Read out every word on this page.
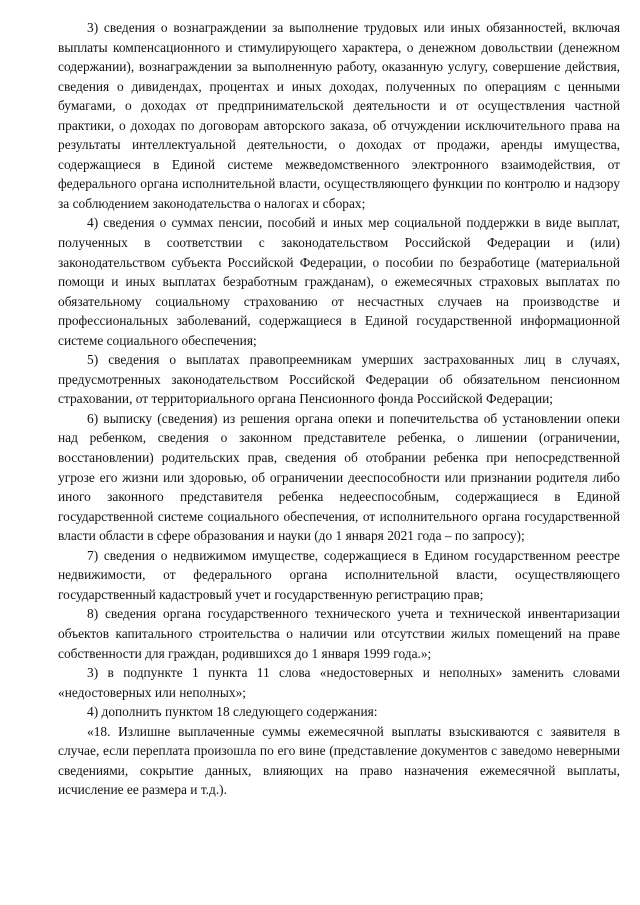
3) сведения о вознаграждении за выполнение трудовых или иных обязанностей, включая выплаты компенсационного и стимулирующего характера, о денежном довольствии (денежном содержании), вознаграждении за выполненную работу, оказанную услугу, совершение действия, сведения о дивидендах, процентах и иных доходах, полученных по операциям с ценными бумагами, о доходах от предпринимательской деятельности и от осуществления частной практики, о доходах по договорам авторского заказа, об отчуждении исключительного права на результаты интеллектуальной деятельности, о доходах от продажи, аренды имущества, содержащиеся в Единой системе межведомственного электронного взаимодействия, от федерального органа исполнительной власти, осуществляющего функции по контролю и надзору за соблюдением законодательства о налогах и сборах;

4) сведения о суммах пенсии, пособий и иных мер социальной поддержки в виде выплат, полученных в соответствии с законодательством Российской Федерации и (или) законодательством субъекта Российской Федерации, о пособии по безработице (материальной помощи и иных выплатах безработным гражданам), о ежемесячных страховых выплатах по обязательному социальному страхованию от несчастных случаев на производстве и профессиональных заболеваний, содержащиеся в Единой государственной информационной системе социального обеспечения;

5) сведения о выплатах правопреемникам умерших застрахованных лиц в случаях, предусмотренных законодательством Российской Федерации об обязательном пенсионном страховании, от территориального органа Пенсионного фонда Российской Федерации;

6) выписку (сведения) из решения органа опеки и попечительства об установлении опеки над ребенком, сведения о законном представителе ребенка, о лишении (ограничении, восстановлении) родительских прав, сведения об отобрании ребенка при непосредственной угрозе его жизни или здоровью, об ограничении дееспособности или признании родителя либо иного законного представителя ребенка недееспособным, содержащиеся в Единой государственной системе социального обеспечения, от исполнительного органа государственной власти области в сфере образования и науки (до 1 января 2021 года – по запросу);

7) сведения о недвижимом имуществе, содержащиеся в Едином государственном реестре недвижимости, от федерального органа исполнительной власти, осуществляющего государственный кадастровый учет и государственную регистрацию прав;

8) сведения органа государственного технического учета и технической инвентаризации объектов капитального строительства о наличии или отсутствии жилых помещений на праве собственности для граждан, родившихся до 1 января 1999 года.»;

3) в подпункте 1 пункта 11 слова «недостоверных и неполных» заменить словами «недостоверных или неполных»;

4) дополнить пунктом 18 следующего содержания:

«18. Излишне выплаченные суммы ежемесячной выплаты взыскиваются с заявителя в случае, если переплата произошла по его вине (представление документов с заведомо неверными сведениями, сокрытие данных, влияющих на право назначения ежемесячной выплаты, исчисление ее размера и т.д.).
